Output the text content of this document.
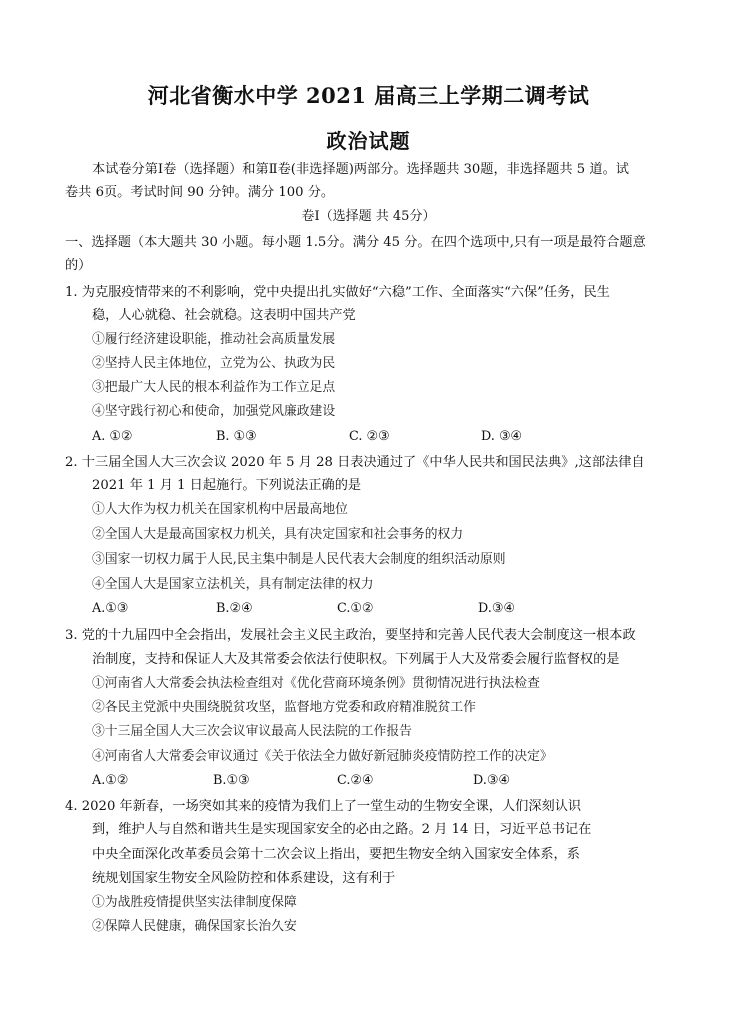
河北省衡水中学 2021 届高三上学期二调考试
政治试题
本试卷分第Ⅰ卷（选择题）和第Ⅱ卷(非选择题)两部分。选择题共 30题，非选择题共 5 道。试
卷共 6页。考试时间 90 分钟。满分 100 分。
卷Ⅰ（选择题 共 45分）
一、选择题（本大题共 30 小题。每小题 1.5分。满分 45 分。在四个选项中,只有一项是最符合题意
的）
1. 为克服疫情带来的不利影响，党中央提出扎实做好“六稳”工作、全面落实“六保”任务，民生
稳，人心就稳、社会就稳。这表明中国共产党
①履行经济建设职能，推动社会高质量发展
②坚持人民主体地位，立党为公、执政为民
③把最广大人民的根本利益作为工作立足点
④坚守践行初心和使命，加强党风廉政建设
A. ①②	B. ①③	C. ②③	D. ③④
2. 十三届全国人大三次会议 2020 年 5 月 28 日表决通过了《中华人民共和国民法典》,这部法律自
2021 年 1 月 1 日起施行。下列说法正确的是
①人大作为权力机关在国家机构中居最高地位
②全国人大是最高国家权力机关，具有决定国家和社会事务的权力
③国家一切权力属于人民,民主集中制是人民代表大会制度的组织活动原则
④全国人大是国家立法机关，具有制定法律的权力
A.①③	B.②④	C.①②	D.③④
3. 党的十九届四中全会指出，发展社会主义民主政治，要坚持和完善人民代表大会制度这一根本政
治制度，支持和保证人大及其常委会依法行使职权。下列属于人大及常委会履行监督权的是
①河南省人大常委会执法检查组对《优化营商环境条例》贯彻情况进行执法检查
②各民主党派中央围绕脱贫攻坚，监督地方党委和政府精准脱贫工作
③十三届全国人大三次会议审议最高人民法院的工作报告
④河南省人大常委会审议通过《关于依法全力做好新冠肺炎疫情防控工作的决定》
A.①②	B.①③	C.②④	D.③④
4. 2020 年新春，一场突如其来的疫情为我们上了一堂生动的生物安全课，人们深刻认识
到，维护人与自然和谐共生是实现国家安全的必由之路。2 月 14 日，习近平总书记在
中央全面深化改革委员会第十二次会议上指出，要把生物安全纳入国家安全体系，系
统规划国家生物安全风险防控和体系建设，这有利于
①为战胜疫情提供坚实法律制度保障
②保障人民健康，确保国家长治久安
